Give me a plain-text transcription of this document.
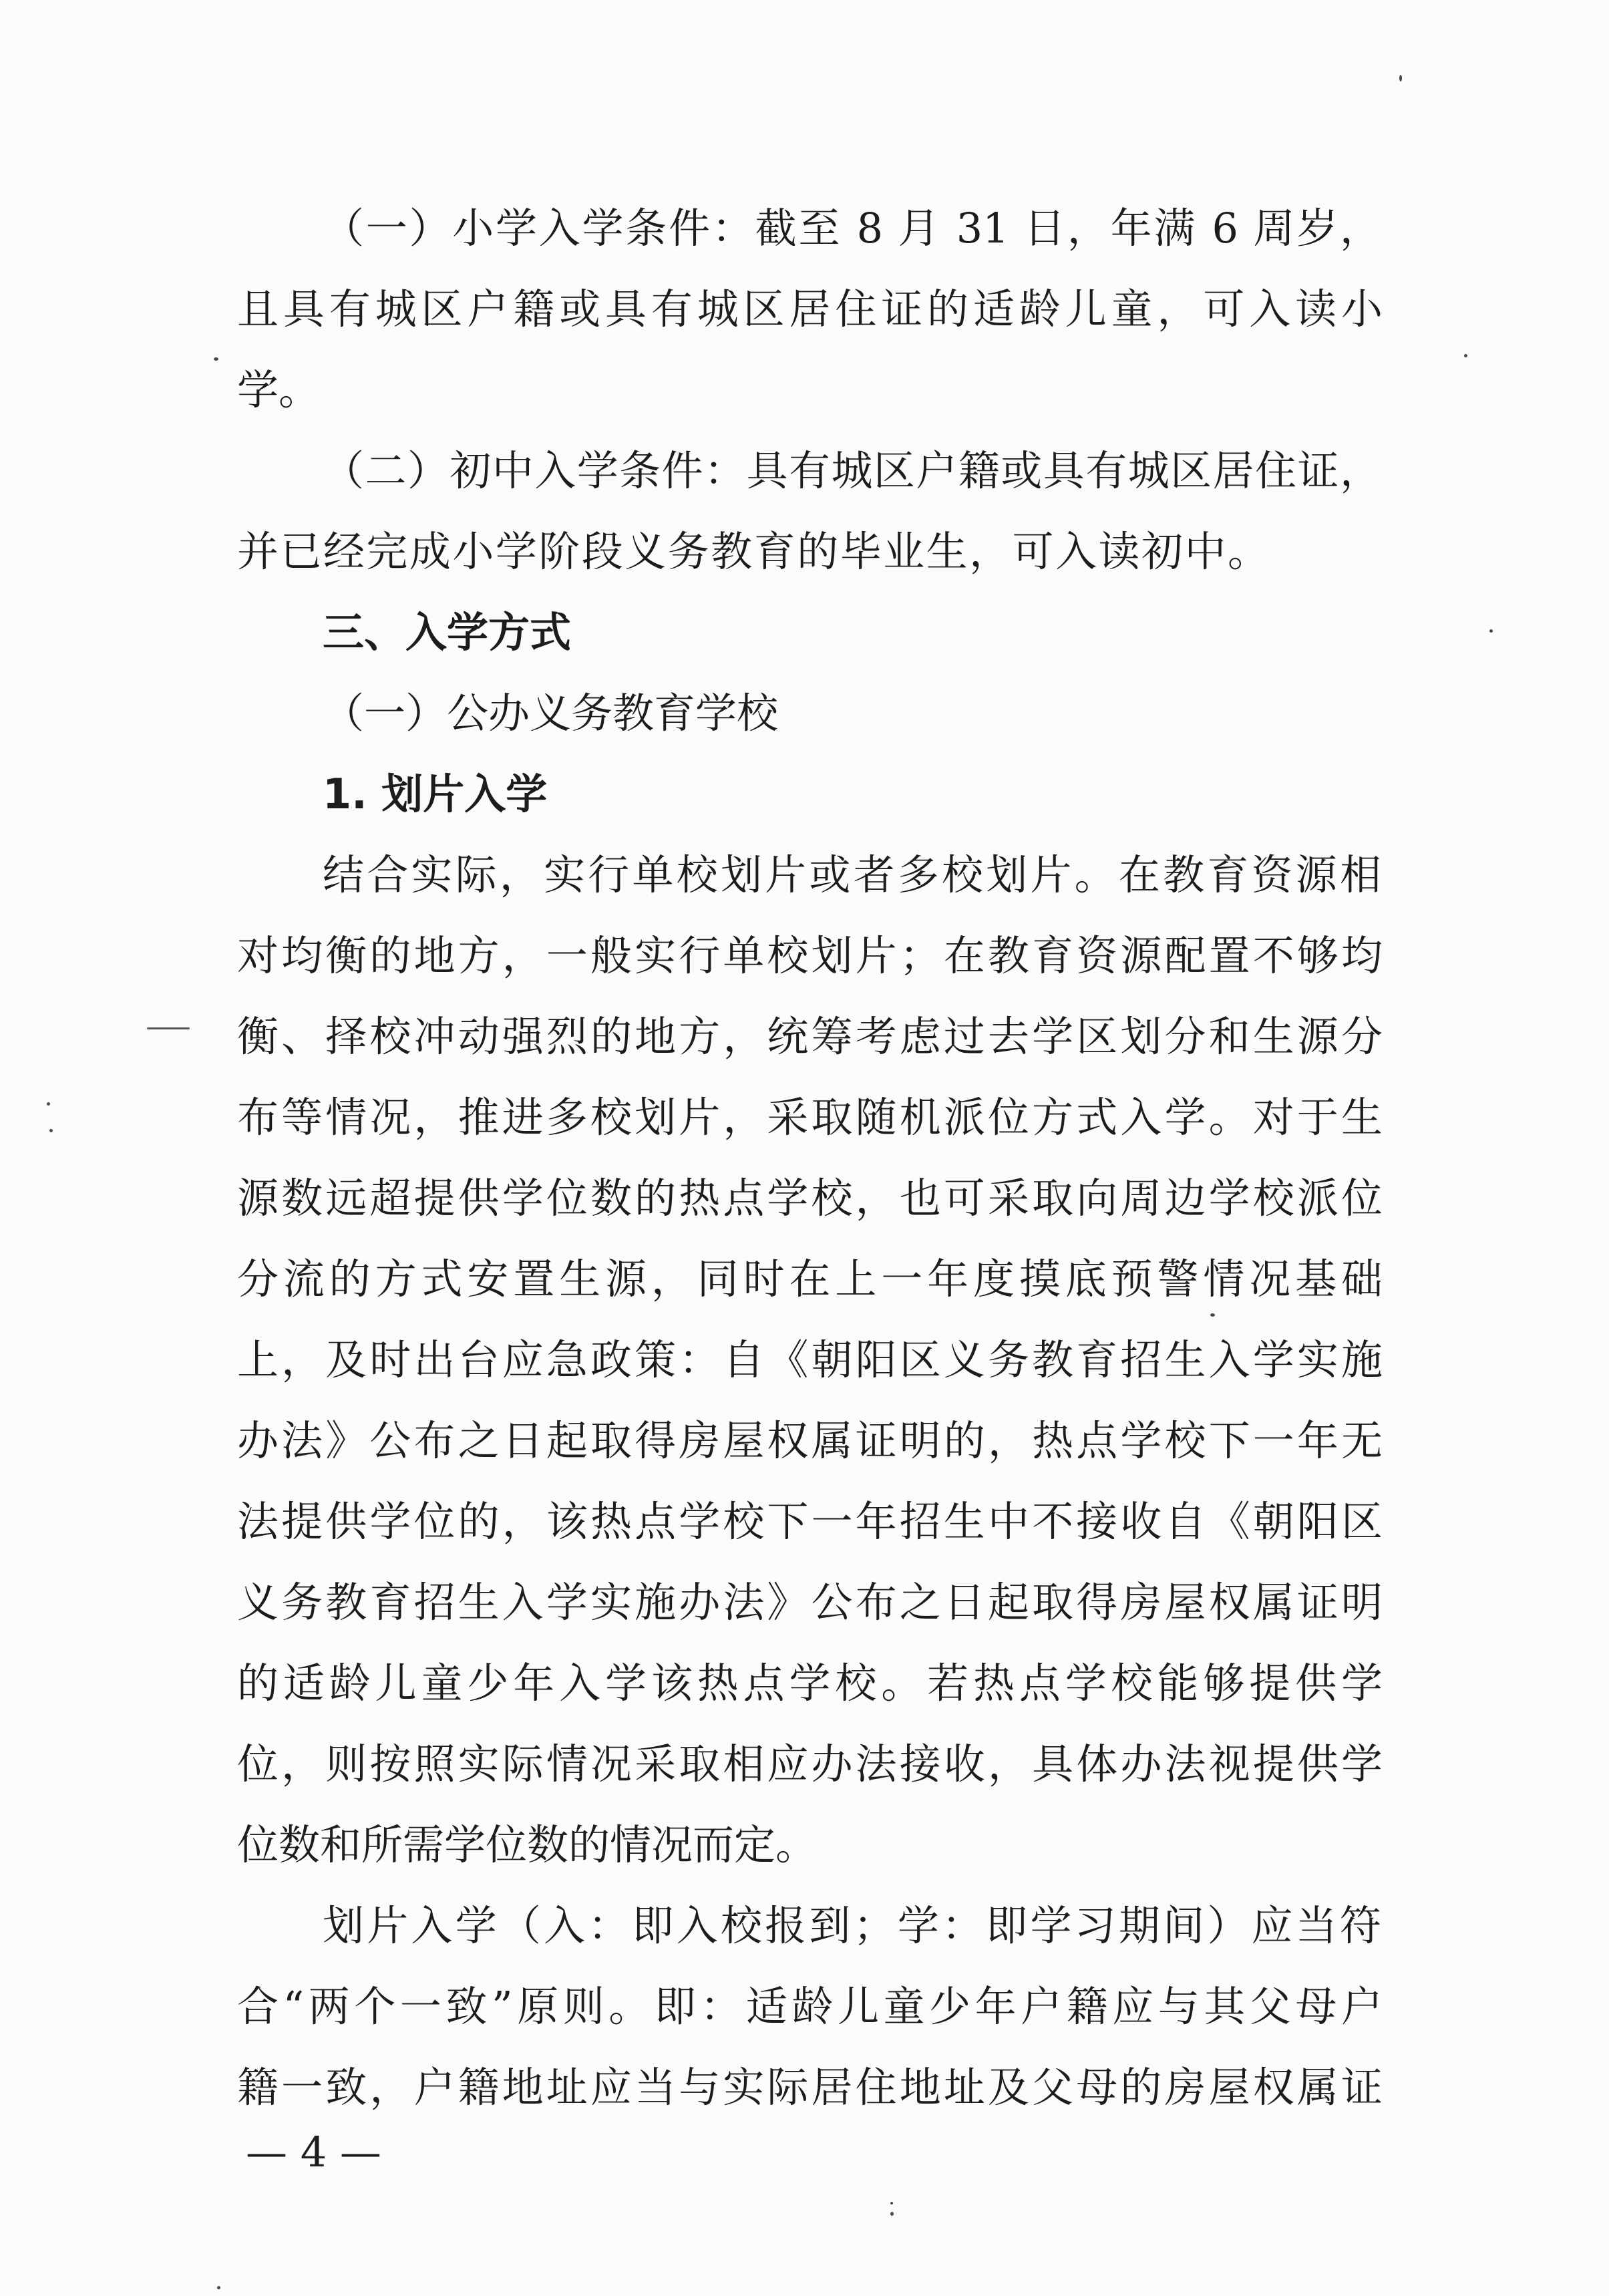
（一）小学入学条件：截至 8 月 31 日，年满 6 周岁，
且具有城区户籍或具有城区居住证的适龄儿童，可入读小
学。
（二）初中入学条件：具有城区户籍或具有城区居住证，
并已经完成小学阶段义务教育的毕业生，可入读初中。
三、入学方式
（一）公办义务教育学校
1. 划片入学
结合实际，实行单校划片或者多校划片。在教育资源相
对均衡的地方，一般实行单校划片；在教育资源配置不够均
衡、择校冲动强烈的地方，统筹考虑过去学区划分和生源分
布等情况，推进多校划片，采取随机派位方式入学。对于生
源数远超提供学位数的热点学校，也可采取向周边学校派位
分流的方式安置生源，同时在上一年度摸底预警情况基础
上，及时出台应急政策：自《朝阳区义务教育招生入学实施
办法》公布之日起取得房屋权属证明的，热点学校下一年无
法提供学位的，该热点学校下一年招生中不接收自《朝阳区
义务教育招生入学实施办法》公布之日起取得房屋权属证明
的适龄儿童少年入学该热点学校。若热点学校能够提供学
位，则按照实际情况采取相应办法接收，具体办法视提供学
位数和所需学位数的情况而定。
划片入学（入：即入校报到；学：即学习期间）应当符
合“两个一致”原则。即：适龄儿童少年户籍应与其父母户
籍一致，户籍地址应当与实际居住地址及父母的房屋权属证
— 4 —
